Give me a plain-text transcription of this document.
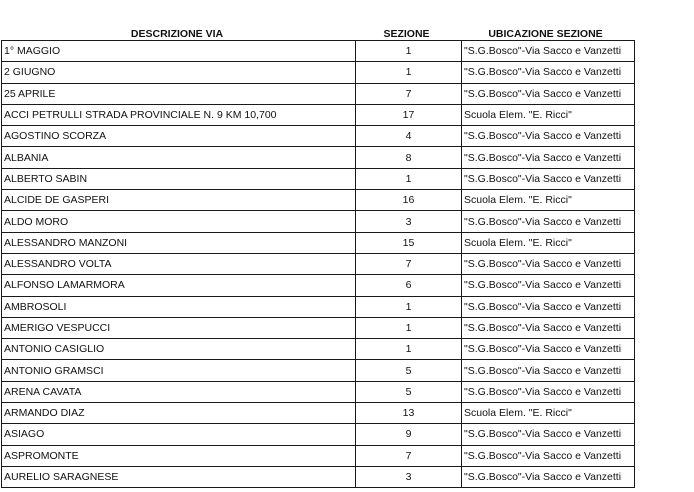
DESCRIZIONE VIA	SEZIONE	UBICAZIONE SEZIONE
1° MAGGIO	1	"S.G.Bosco"-Via Sacco e Vanzetti
2 GIUGNO	1	"S.G.Bosco"-Via Sacco e Vanzetti
25 APRILE	7	"S.G.Bosco"-Via Sacco e Vanzetti
ACCI PETRULLI STRADA PROVINCIALE N. 9 KM 10,700	17	Scuola Elem. "E. Ricci"
AGOSTINO SCORZA	4	"S.G.Bosco"-Via Sacco e Vanzetti
ALBANIA	8	"S.G.Bosco"-Via Sacco e Vanzetti
ALBERTO SABIN	1	"S.G.Bosco"-Via Sacco e Vanzetti
ALCIDE DE GASPERI	16	Scuola Elem. "E. Ricci"
ALDO MORO	3	"S.G.Bosco"-Via Sacco e Vanzetti
ALESSANDRO MANZONI	15	Scuola Elem. "E. Ricci"
ALESSANDRO VOLTA	7	"S.G.Bosco"-Via Sacco e Vanzetti
ALFONSO LAMARMORA	6	"S.G.Bosco"-Via Sacco e Vanzetti
AMBROSOLI	1	"S.G.Bosco"-Via Sacco e Vanzetti
AMERIGO VESPUCCI	1	"S.G.Bosco"-Via Sacco e Vanzetti
ANTONIO CASIGLIO	1	"S.G.Bosco"-Via Sacco e Vanzetti
ANTONIO GRAMSCI	5	"S.G.Bosco"-Via Sacco e Vanzetti
ARENA CAVATA	5	"S.G.Bosco"-Via Sacco e Vanzetti
ARMANDO DIAZ	13	Scuola Elem. "E. Ricci"
ASIAGO	9	"S.G.Bosco"-Via Sacco e Vanzetti
ASPROMONTE	7	"S.G.Bosco"-Via Sacco e Vanzetti
AURELIO SARAGNESE	3	"S.G.Bosco"-Via Sacco e Vanzetti
